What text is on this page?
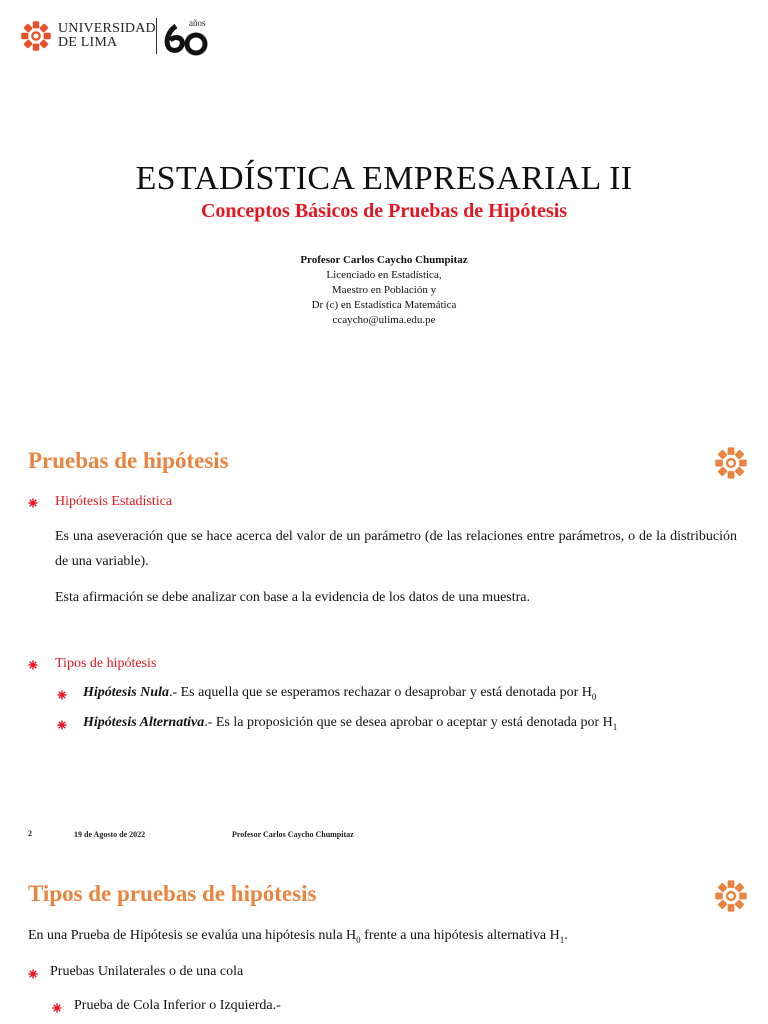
UNIVERSIDAD
DE LIMA
años
ESTADÍSTICA EMPRESARIAL II
Conceptos Básicos de Pruebas de Hipótesis
Profesor Carlos Caycho Chumpitaz
Licenciado en Estadística,
Maestro en Población y
Dr (c) en Estadística Matemática
ccaycho@ulima.edu.pe
Pruebas de hipótesis
Hipótesis Estadística
Es una aseveración que se hace acerca del valor de un parámetro (de las relaciones entre parámetros, o de la distribución de una variable).
Esta afirmación se debe analizar con base a la evidencia de los datos de una muestra.
Tipos de hipótesis
Hipótesis Nula.- Es aquella que se esperamos rechazar o desaprobar y está denotada por $H_0$
Hipótesis Alternativa.- Es la proposición que se desea aprobar o aceptar y está denotada por $H_1$
2	19 de Agosto de 2022	Profesor Carlos Caycho Chumpitaz
Tipos de pruebas de hipótesis
En una Prueba de Hipótesis se evalúa una hipótesis nula $H_0$ frente a una hipótesis alternativa $H_1$.
Pruebas Unilaterales o de una cola
Prueba de Cola Inferior o Izquierda.-
